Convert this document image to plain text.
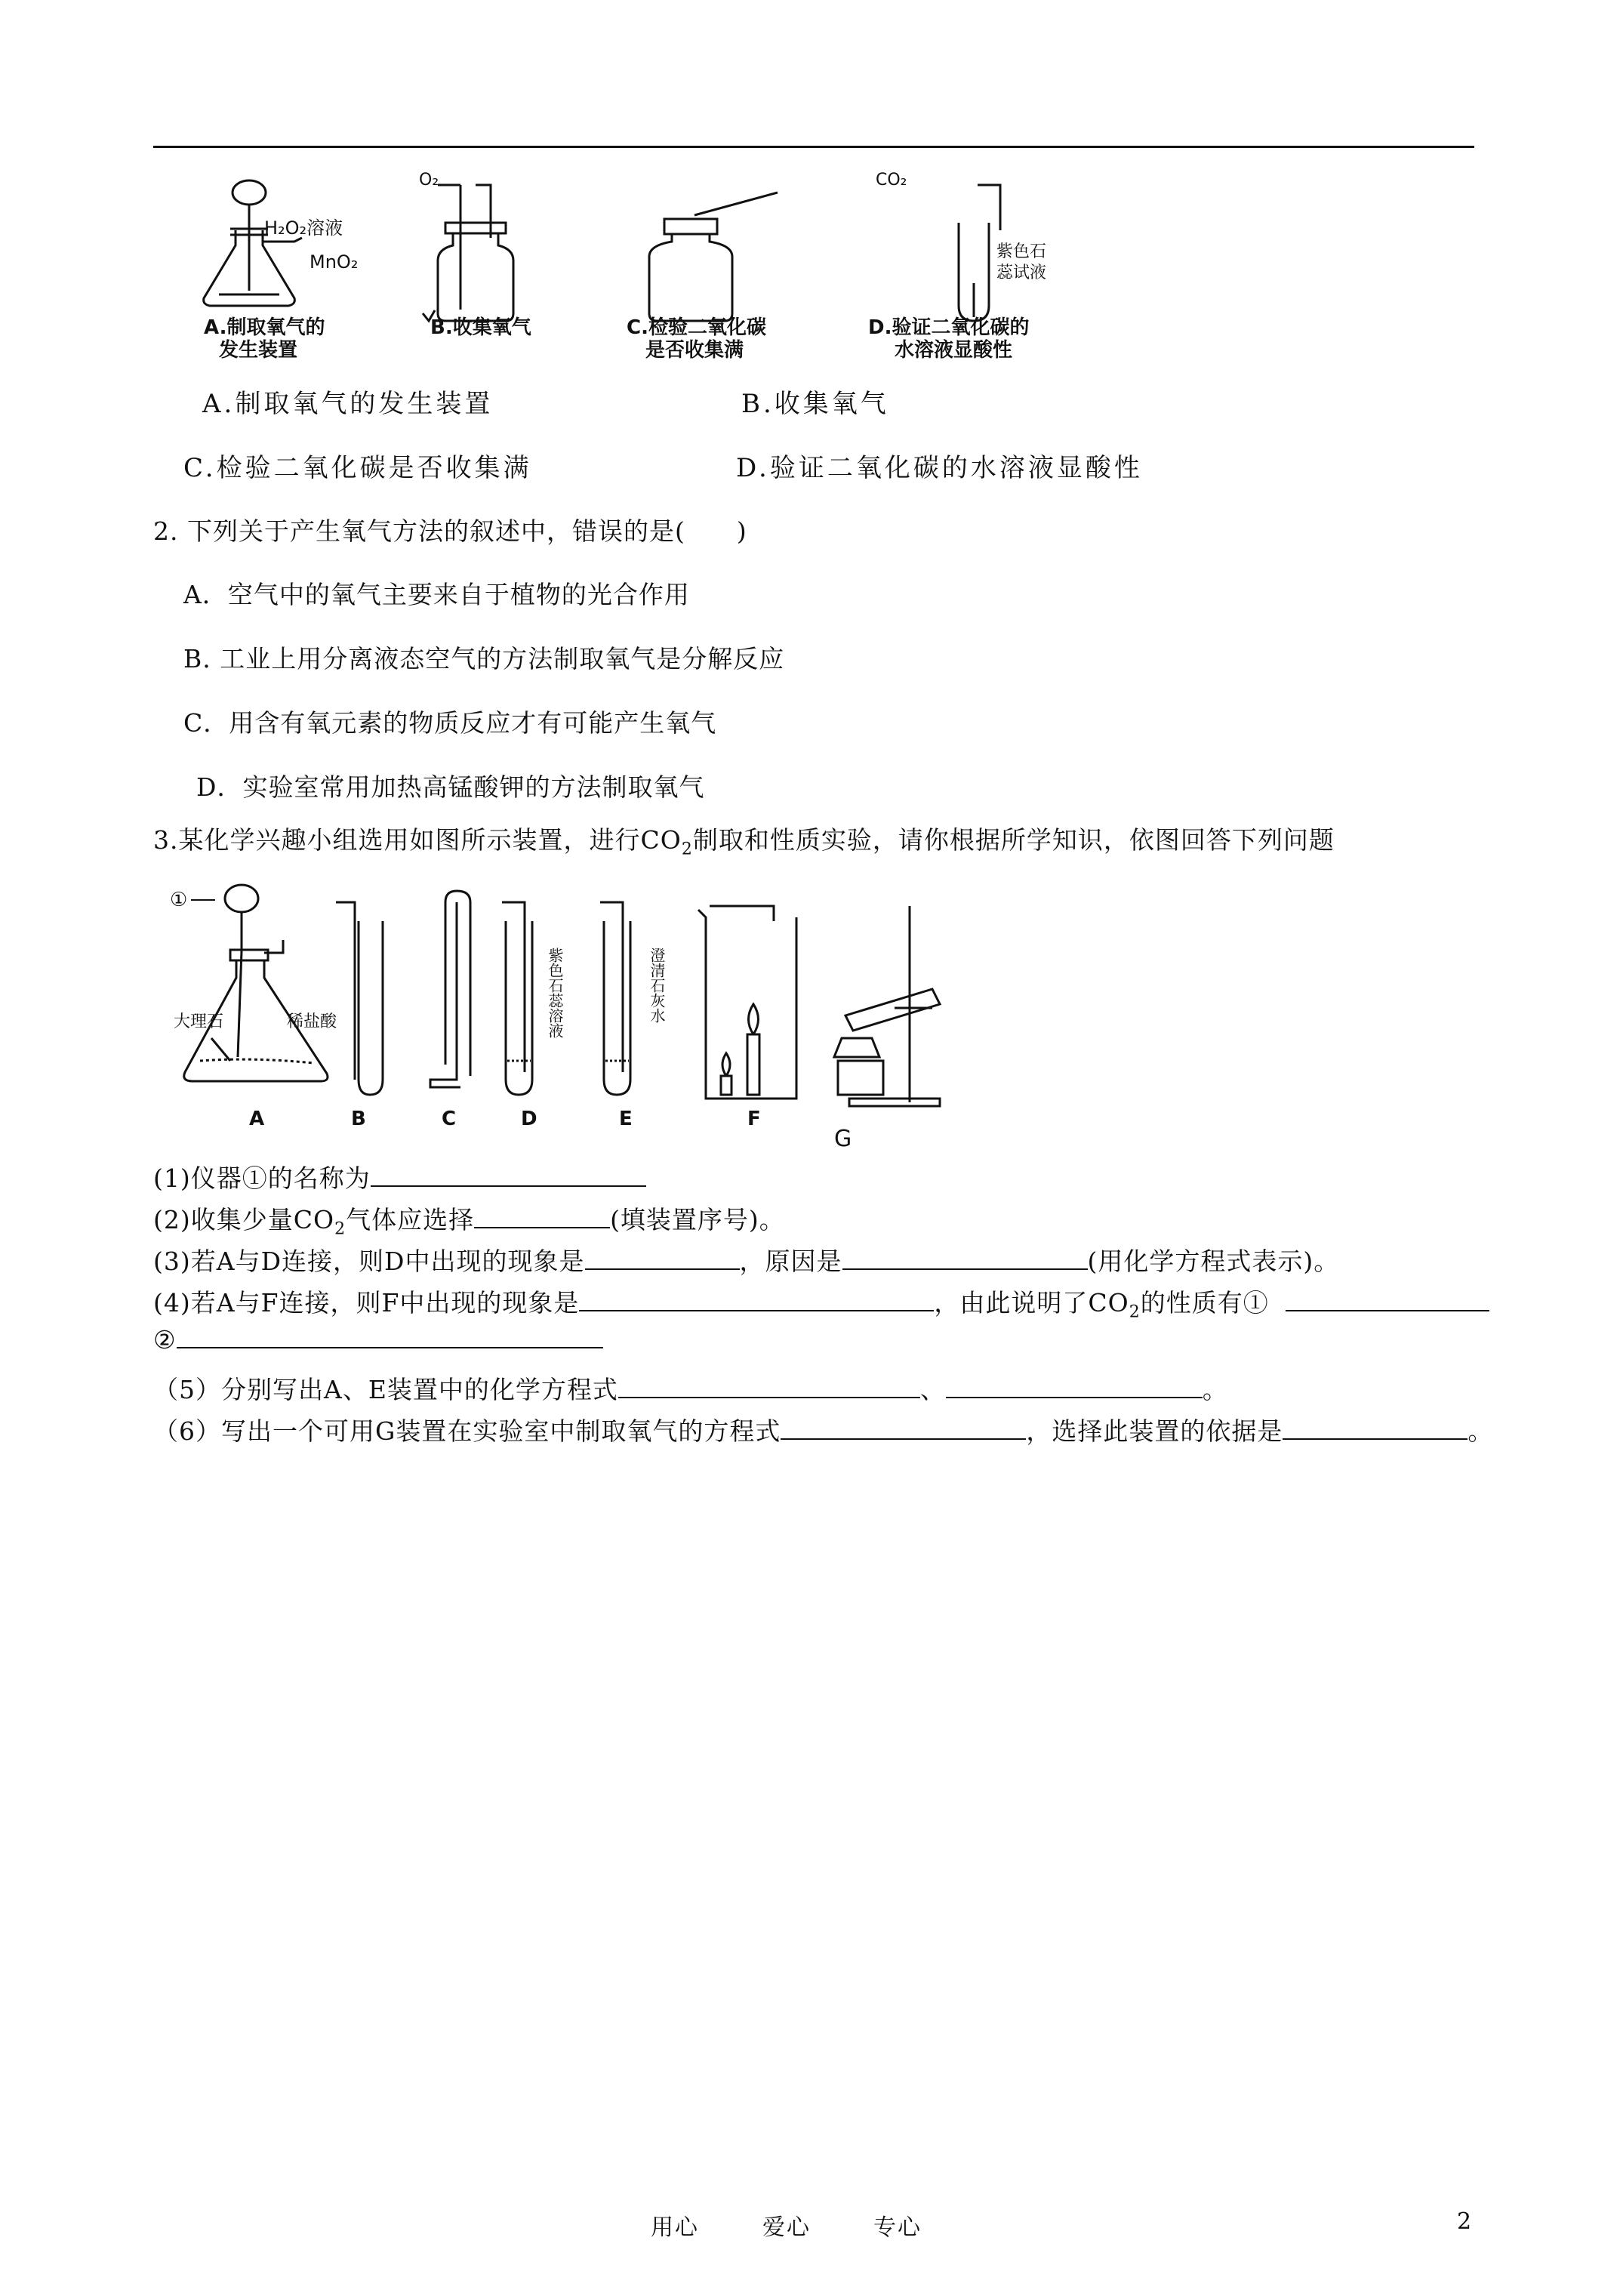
H₂O₂溶液
MnO₂
O₂	CO₂
紫色石蕊试液
A.制取氧气的
发生装置
B.收集氧气	C.检验二氧化碳
是否收集满
D.验证二氧化碳的
水溶液显酸性
A.制取氧气的发生装置	B.收集氧气
C.检验二氧化碳是否收集满	D.验证二氧化碳的水溶液显酸性
2. 下列关于产生氧气方法的叙述中，错误的是(　　)
A．空气中的氧气主要来自于植物的光合作用
B. 工业上用分离液态空气的方法制取氧气是分解反应
C．用含有氧元素的物质反应才有可能产生氧气
D．实验室常用加热高锰酸钾的方法制取氧气
3.某化学兴趣小组选用如图所示装置，进行$CO_2$制取和性质实验，请你根据所学知识，依图回答下列问题
①
大理石	稀盐酸	紫色石蕊溶液	澄清石灰水
A	B	C	D	E	F
G
(1)仪器①的名称为
(2)收集少量$CO_2$气体应选择	(填装置序号)。
(3)若A与D连接，则D中出现的现象是	，原因是	(用化学方程式表示)。
(4)若A与F连接，则F中出现的现象是	，由此说明了$CO_2$的性质有①
②
（5）分别写出A、E装置中的化学方程式	、	。
（6）写出一个可用G装置在实验室中制取氧气的方程式	，选择此装置的依据是	。
用心	爱心	专心	2
